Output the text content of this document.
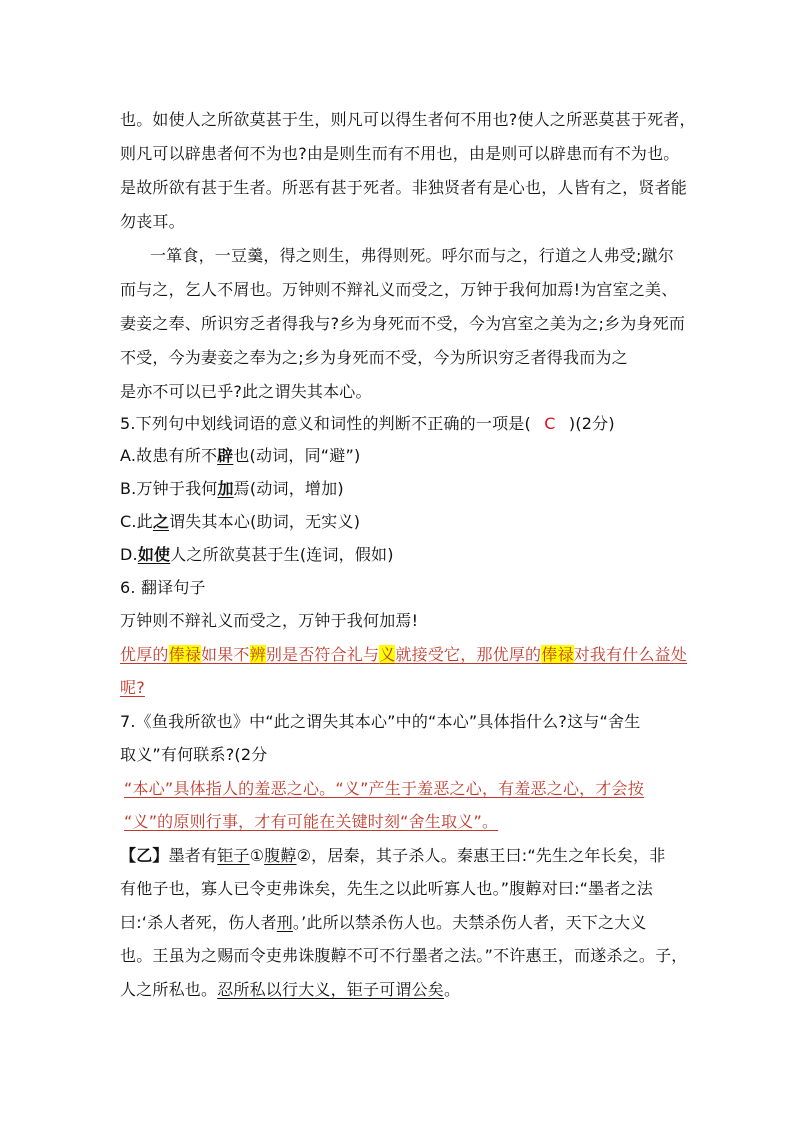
也。如使人之所欲莫甚于生，则凡可以得生者何不用也?使人之所恶莫甚于死者，
则凡可以辟患者何不为也?由是则生而有不用也，由是则可以辟患而有不为也。
是故所欲有甚于生者。所恶有甚于死者。非独贤者有是心也，人皆有之，贤者能
勿丧耳。
一箪食，一豆羹，得之则生，弗得则死。呼尔而与之，行道之人弗受;蹴尔
而与之，乞人不屑也。万钟则不辩礼义而受之，万钟于我何加焉!为宫室之美、
妻妾之奉、所识穷乏者得我与?乡为身死而不受，今为宫室之美为之;乡为身死而
不受，今为妻妾之奉为之;乡为身死而不受，今为所识穷乏者得我而为之
是亦不可以已乎?此之谓失其本心。
5.下列句中划线词语的意义和词性的判断不正确的一项是( C )(2分)
A.故患有所不辟也(动词，同“避”)
B.万钟于我何加焉(动词，增加)
C.此之谓失其本心(助词，无实义)
D.如使人之所欲莫甚于生(连词，假如)
6. 翻译句子
万钟则不辩礼义而受之，万钟于我何加焉!
优厚的俸禄如果不辨别是否符合礼与义就接受它，那优厚的俸禄对我有什么益处
呢?
7.《鱼我所欲也》中“此之谓失其本心”中的“本心”具体指什么?这与“舍生
取义”有何联系?(2分
“本心”具体指人的羞恶之心。“义”产生于羞恶之心，有羞恶之心，才会按
“义”的原则行事，才有可能在关键时刻“舍生取义”。
【乙】墨者有钜子①腹䵍②，居秦，其子杀人。秦惠王曰:“先生之年长矣，非
有他子也，寡人已令吏弗诛矣，先生之以此听寡人也。”腹䵍对曰:“墨者之法
曰:‘杀人者死，伤人者刑。’此所以禁杀伤人也。夫禁杀伤人者，天下之大义
也。王虽为之赐而令吏弗诛腹䵍不可不行墨者之法。”不许惠王，而遂杀之。子，
人之所私也。忍所私以行大义，钜子可谓公矣。
